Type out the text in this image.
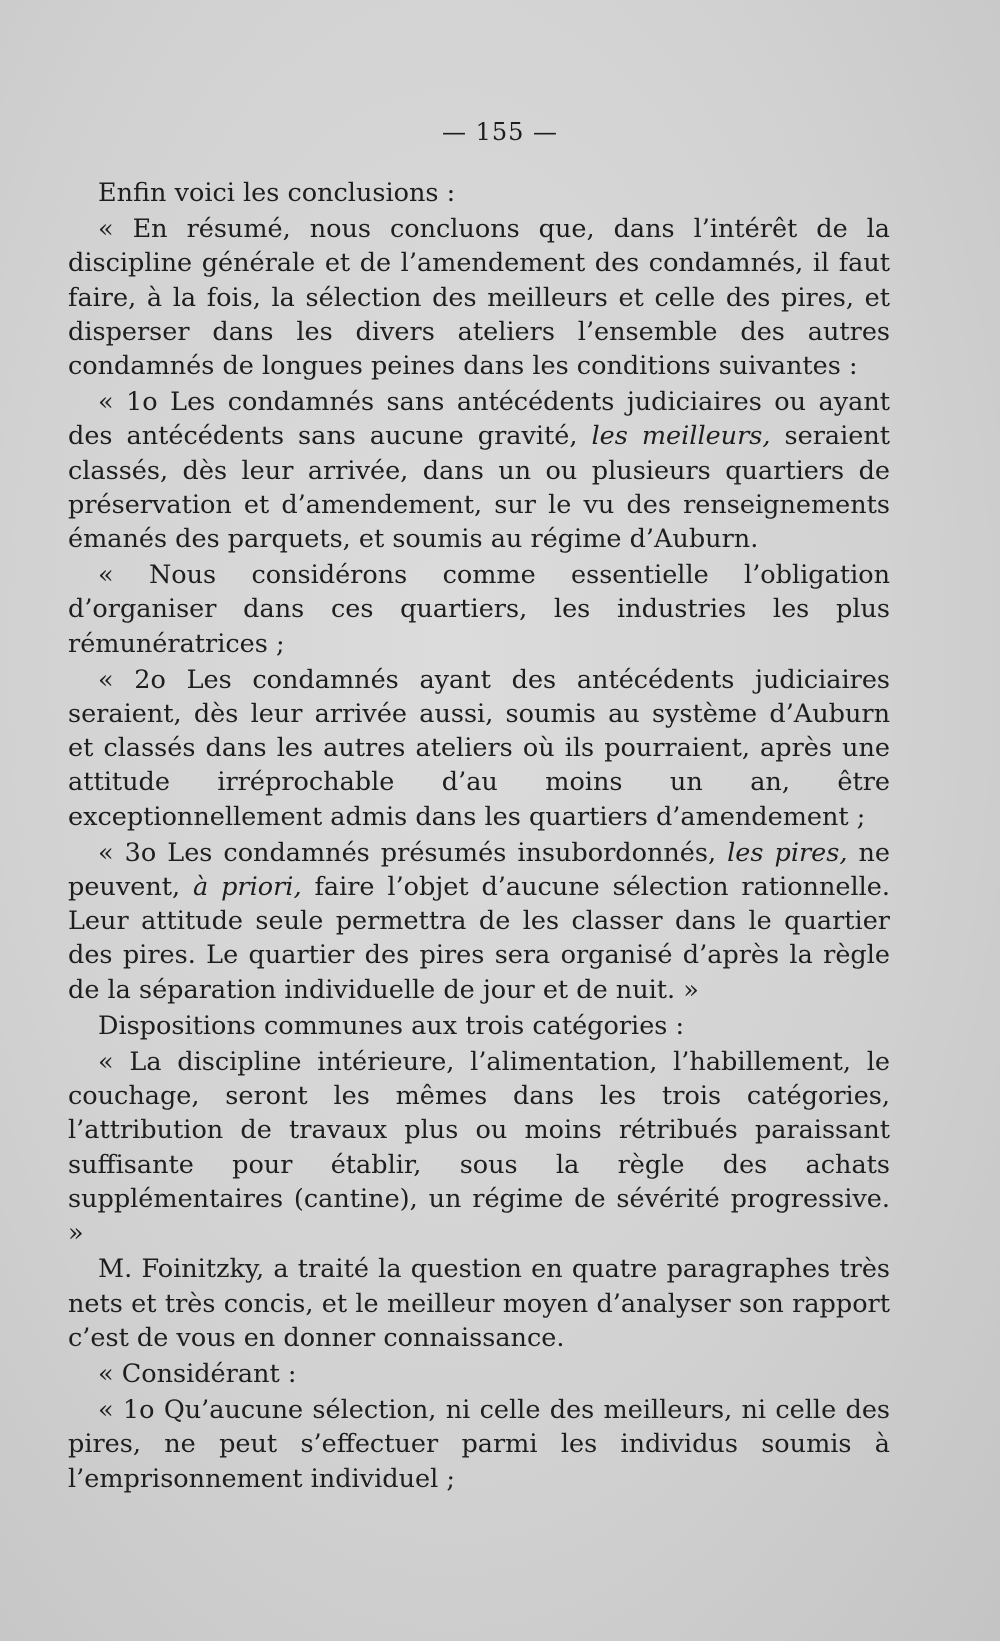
— 155 —

Enfin voici les conclusions :

« En résumé, nous concluons que, dans l’intérêt de la discipline générale et de l’amendement des condamnés, il faut faire, à la fois, la sélection des meilleurs et celle des pires, et disperser dans les divers ateliers l’ensemble des autres condamnés de longues peines dans les conditions suivantes :

« 1o Les condamnés sans antécédents judiciaires ou ayant des antécédents sans aucune gravité, les meilleurs, seraient classés, dès leur arrivée, dans un ou plusieurs quartiers de préservation et d’amendement, sur le vu des renseignements émanés des parquets, et soumis au régime d’Auburn.

« Nous considérons comme essentielle l’obligation d’organiser dans ces quartiers, les industries les plus rémunératrices ;

« 2o Les condamnés ayant des antécédents judiciaires seraient, dès leur arrivée aussi, soumis au système d’Auburn et classés dans les autres ateliers où ils pourraient, après une attitude irréprochable d’au moins un an, être exceptionnellement admis dans les quartiers d’amendement ;

« 3o Les condamnés présumés insubordonnés, les pires, ne peuvent, à priori, faire l’objet d’aucune sélection rationnelle. Leur attitude seule permettra de les classer dans le quartier des pires. Le quartier des pires sera organisé d’après la règle de la séparation individuelle de jour et de nuit. »

Dispositions communes aux trois catégories :

« La discipline intérieure, l’alimentation, l’habillement, le couchage, seront les mêmes dans les trois catégories, l’attribution de travaux plus ou moins rétribués paraissant suffisante pour établir, sous la règle des achats supplémentaires (cantine), un régime de sévérité progressive. »

M. Foinitzky, a traité la question en quatre paragraphes très nets et très concis, et le meilleur moyen d’analyser son rapport c’est de vous en donner connaissance.

« Considérant :

« 1o Qu’aucune sélection, ni celle des meilleurs, ni celle des pires, ne peut s’effectuer parmi les individus soumis à l’emprisonnement individuel ;
